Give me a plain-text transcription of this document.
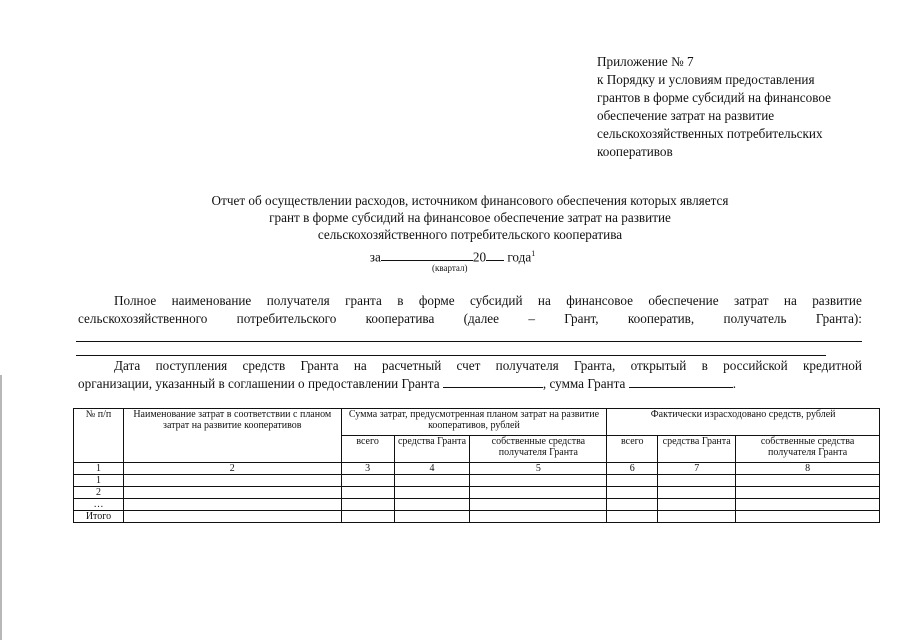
Приложение № 7
к Порядку и условиям предоставления
грантов в форме субсидий на финансовое
обеспечение затрат на развитие
сельскохозяйственных потребительских
кооперативов
Отчет об осуществлении расходов, источником финансового обеспечения которых является
грант в форме субсидий на финансовое обеспечение затрат на развитие
сельскохозяйственного потребительского кооператива
за	20 года$^1$
(квартал)
Полное наименование получателя гранта в форме субсидий на финансовое обеспечение затрат на развитие
сельскохозяйственного потребительского кооператива (далее – Грант, кооператив, получатель Гранта):
Дата поступления средств Гранта на расчетный счет получателя Гранта, открытый в российской кредитной
организации, указанный в соглашении о предоставлении Гранта	, сумма Гранта	.
№ п/п	Наименование затрат в соответствии с планом затрат на развитие кооперативов	Сумма затрат, предусмотренная планом затрат на развитие кооперативов, рублей			Фактически израсходовано средств, рублей		
		всего	средства Гранта	собственные средства получателя Гранта	всего	средства Гранта	собственные средства получателя Гранта
1	2	3	4	5	6	7	8
1							
2							
…							
Итого							
